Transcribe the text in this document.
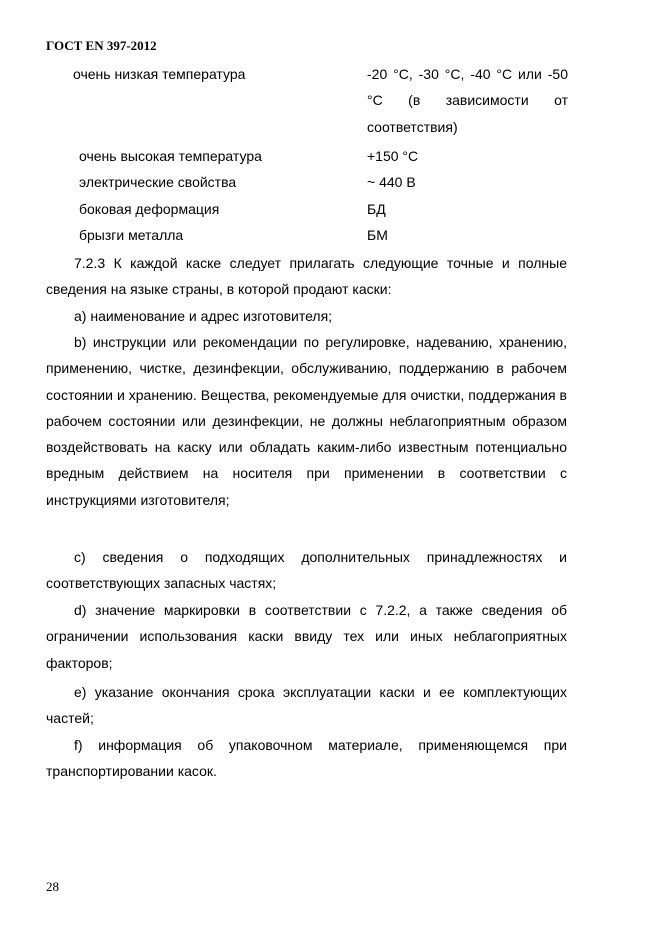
ГОСТ EN 397-2012
очень низкая температура	-20 °C, -30 °C, -40 °C или -50 °C (в зависимости от соответствия)
очень высокая температура	+150 °C
электрические свойства	~ 440 В
боковая деформация	БД
брызги металла	БМ
7.2.3 К каждой каске следует прилагать следующие точные и полные сведения на языке страны, в которой продают каски:
a) наименование и адрес изготовителя;
b) инструкции или рекомендации по регулировке, надеванию, хранению, применению, чистке, дезинфекции, обслуживанию, поддержанию в рабочем состоянии и хранению. Вещества, рекомендуемые для очистки, поддержания в рабочем состоянии или дезинфекции, не должны неблагоприятным образом воздействовать на каску или обладать каким-либо известным потенциально вредным действием на носителя при применении в соответствии с инструкциями изготовителя;
c) сведения о подходящих дополнительных принадлежностях и соответствующих запасных частях;
d) значение маркировки в соответствии с 7.2.2, а также сведения об ограничении использования каски ввиду тех или иных неблагоприятных факторов;
e) указание окончания срока эксплуатации каски и ее комплектующих частей;
f) информация об упаковочном материале, применяющемся при транспортировании касок.
28
